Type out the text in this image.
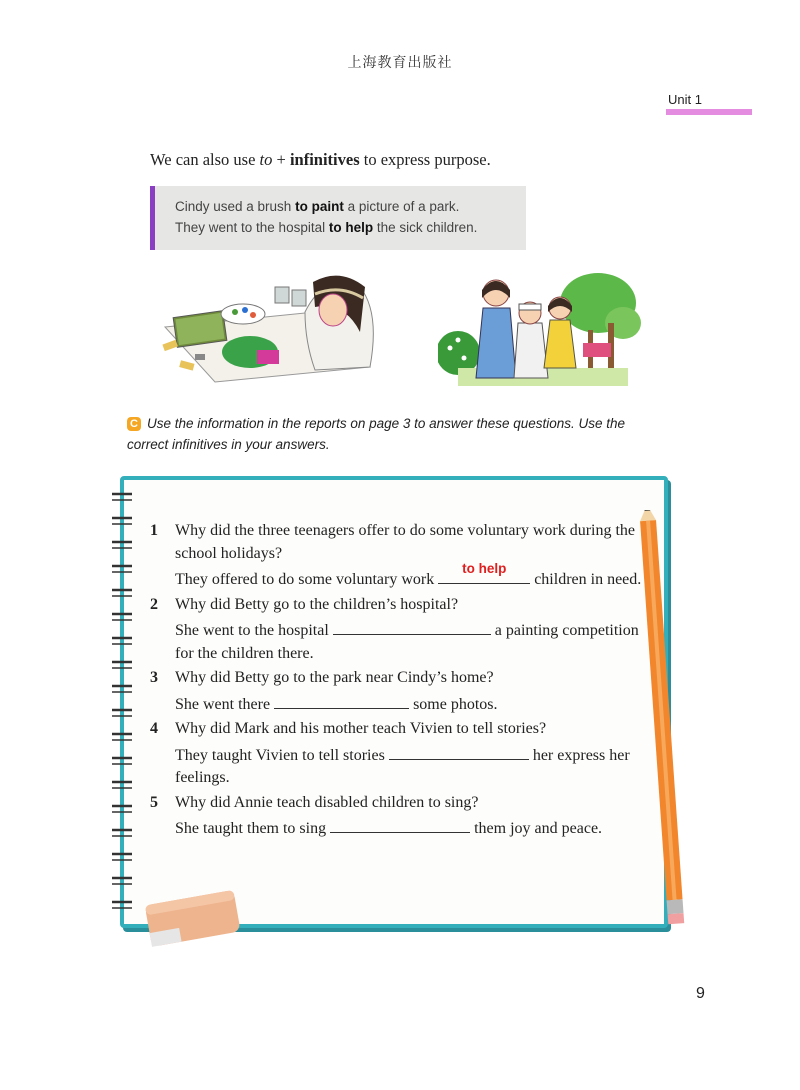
上海教育出版社
Unit 1
We can also use to + infinitives to express purpose.
Cindy used a brush to paint a picture of a park.
They went to the hospital to help the sick children.
C Use the information in the reports on page 3 to answer these questions. Use the correct infinitives in your answers.
1 Why did the three teenagers offer to do some voluntary work during the school holidays?
They offered to do some voluntary work
to help
children in need.
2 Why did Betty go to the children’s hospital?
She went to the hospital	a painting competition for the children there.
3 Why did Betty go to the park near Cindy’s home?
She went there	some photos.
4 Why did Mark and his mother teach Vivien to tell stories?
They taught Vivien to tell stories	her express her feelings.
5 Why did Annie teach disabled children to sing?
She taught them to sing	them joy and peace.
9
